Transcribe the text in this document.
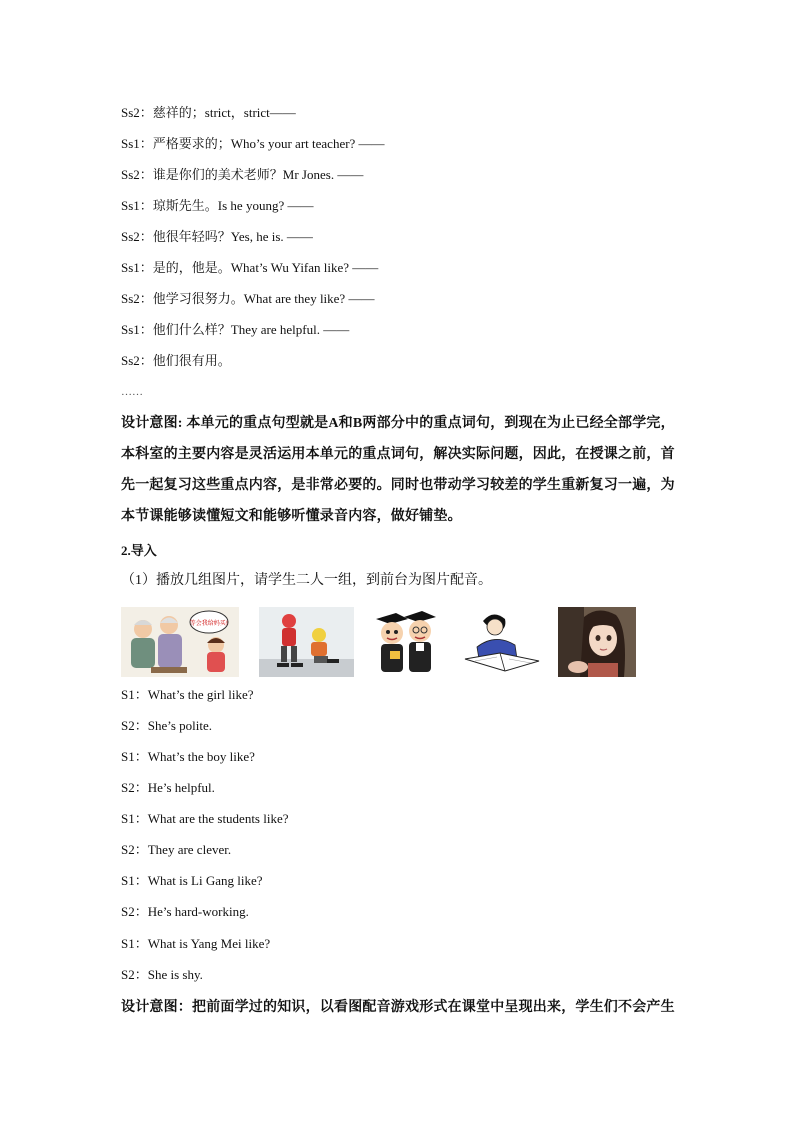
Ss2：慈祥的；strict，strict——
Ss1：严格要求的；Who’s your art teacher? ——
Ss2：谁是你们的美术老师？Mr Jones. ——
Ss1：琼斯先生。Is he young? ——
Ss2：他很年轻吗？Yes, he is. ——
Ss1：是的，他是。What’s Wu Yifan like? ——
Ss2：他学习很努力。What are they like? ——
Ss1：他们什么样？They are helpful. ——
Ss2：他们很有用。
……
设计意图: 本单元的重点句型就是A和B两部分中的重点词句，到现在为止已经全部学完，本科室的主要内容是灵活运用本单元的重点词句，解决实际问题，因此，在授课之前，首先一起复习这些重点内容，是非常必要的。同时也带动学习较差的学生重新复习一遍，为本节课能够读懂短文和能够听懂录音内容，做好铺垫。
2.导入
（1）播放几组图片，请学生二人一组，到前台为图片配音。
等会我给妈买!
S1：What’s the girl like?
S2：She’s polite.
S1：What’s the boy like?
S2：He’s helpful.
S1：What are the students like?
S2：They are clever.
S1：What is Li Gang like?
S2：He’s hard-working.
S1：What is Yang Mei like?
S2：She is shy.
设计意图：把前面学过的知识，以看图配音游戏形式在课堂中呈现出来，学生们不会产生
